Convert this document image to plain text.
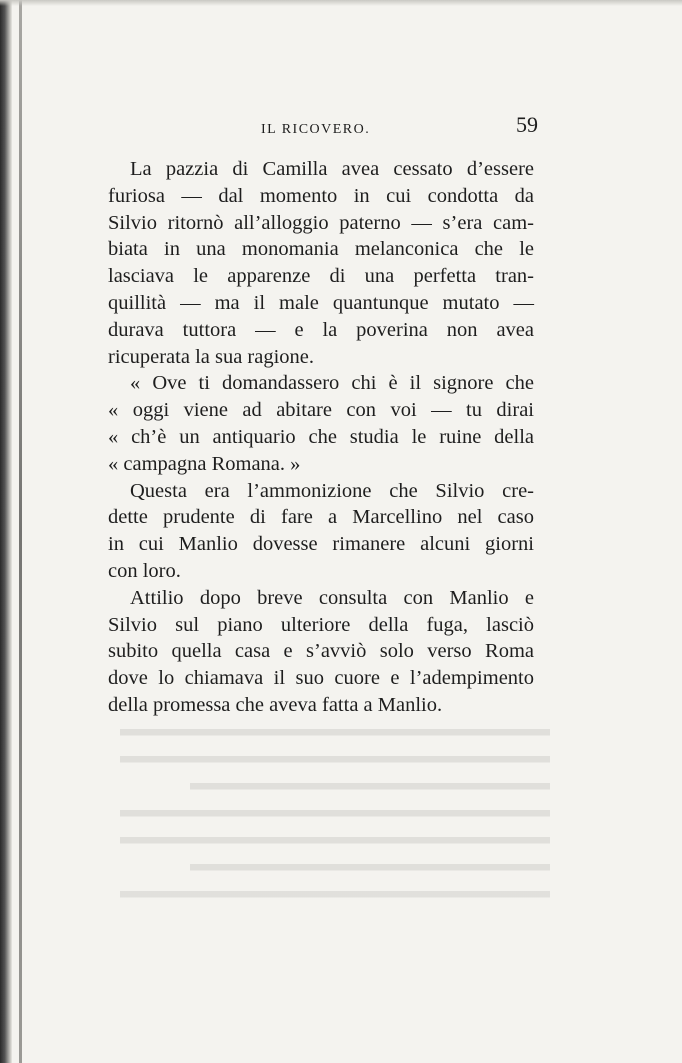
IL RICOVERO.	59

La pazzia di Camilla avea cessato d’essere
furiosa — dal momento in cui condotta da
Silvio ritornò all’alloggio paterno — s’era cam-
biata in una monomania melanconica che le
lasciava le apparenze di una perfetta tran-
quillità — ma il male quantunque mutato —
durava tuttora — e la poverina non avea
ricuperata la sua ragione.

« Ove ti domandassero chi è il signore che
« oggi viene ad abitare con voi — tu dirai
« ch’è un antiquario che studia le ruine della
« campagna Romana. »

Questa era l’ammonizione che Silvio cre-
dette prudente di fare a Marcellino nel caso
in cui Manlio dovesse rimanere alcuni giorni
con loro.

Attilio dopo breve consulta con Manlio e
Silvio sul piano ulteriore della fuga, lasciò
subito quella casa e s’avviò solo verso Roma
dove lo chiamava il suo cuore e l’adempimento
della promessa che aveva fatta a Manlio.
